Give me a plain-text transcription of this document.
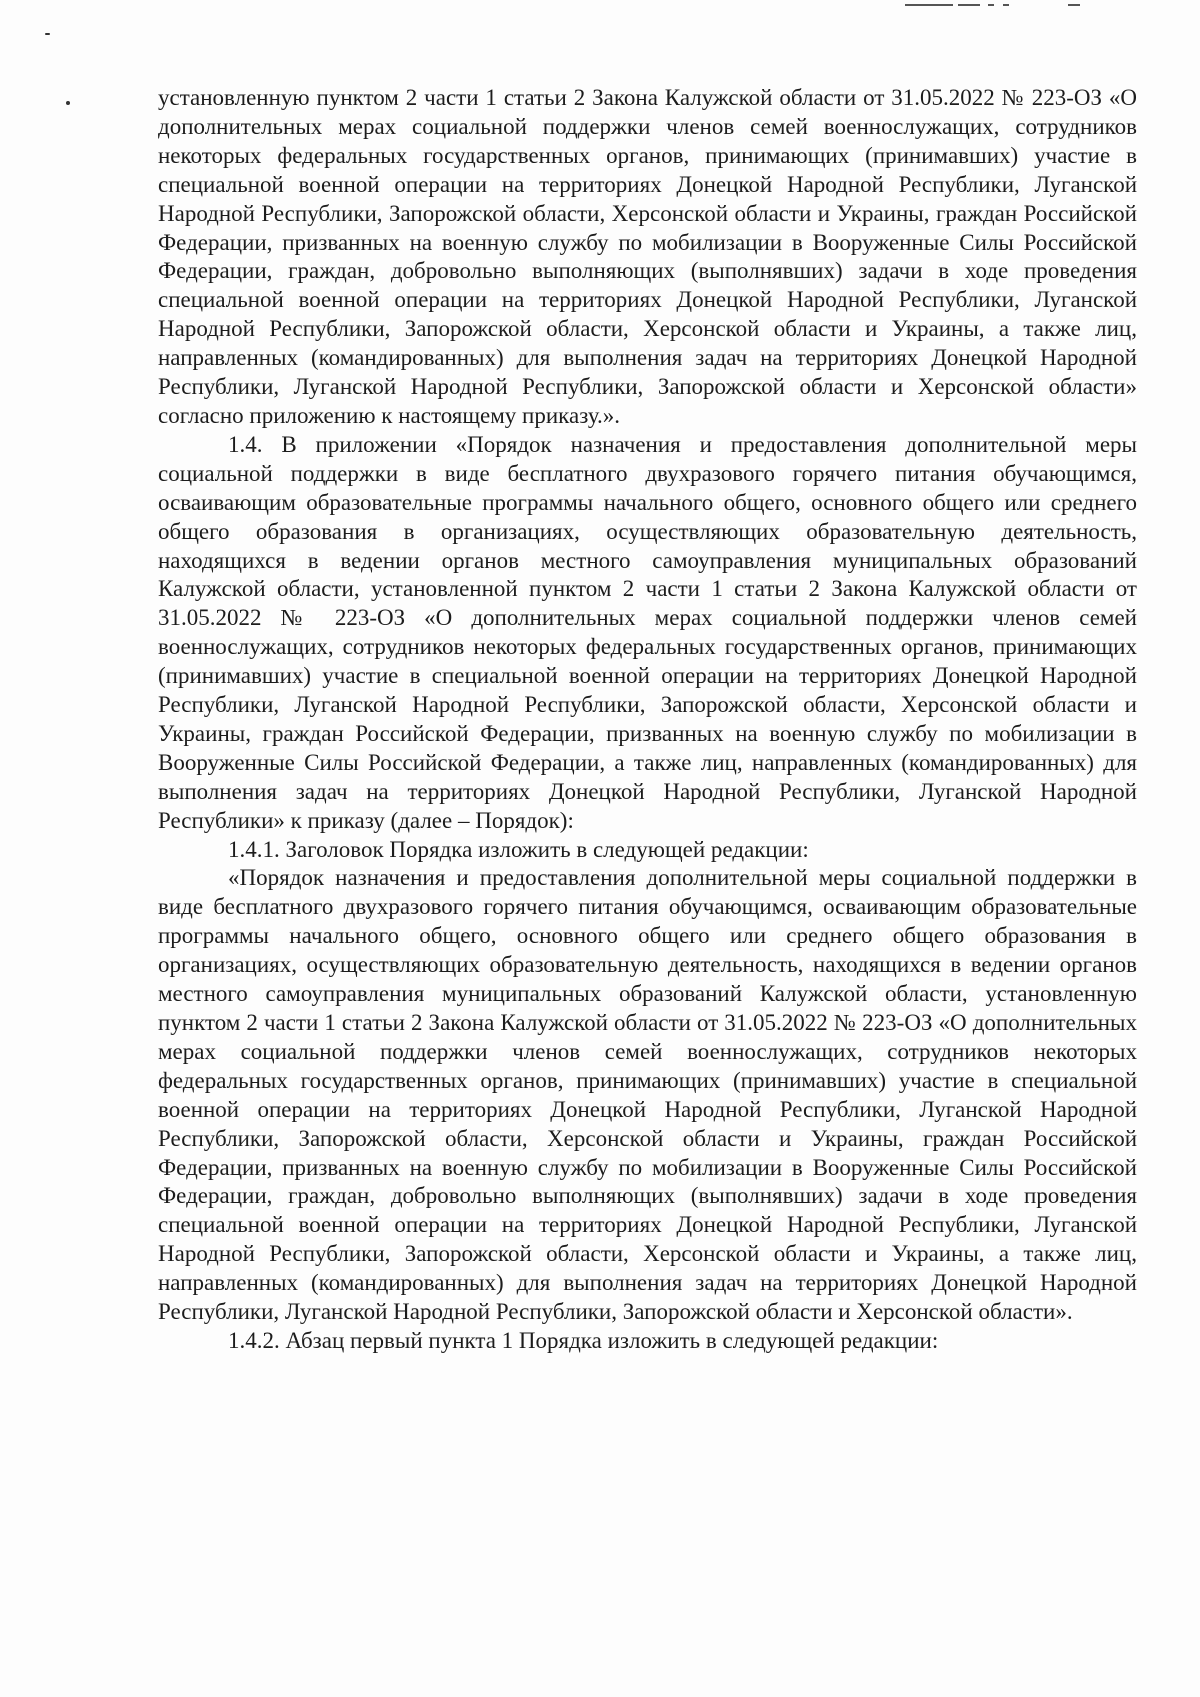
установленную пунктом 2 части 1 статьи 2 Закона Калужской области от 31.05.2022 № 223-ОЗ «О дополнительных мерах социальной поддержки членов семей военнослужащих, сотрудников некоторых федеральных государственных органов, принимающих (принимавших) участие в специальной военной операции на территориях Донецкой Народной Республики, Луганской Народной Республики, Запорожской области, Херсонской области и Украины, граждан Российской Федерации, призванных на военную службу по мобилизации в Вооруженные Силы Российской Федерации, граждан, добровольно выполняющих (выполнявших) задачи в ходе проведения специальной военной операции на территориях Донецкой Народной Республики, Луганской Народной Республики, Запорожской области, Херсонской области и Украины, а также лиц, направленных (командированных) для выполнения задач на территориях Донецкой Народной Республики, Луганской Народной Республики, Запорожской области и Херсонской области» согласно приложению к настоящему приказу.».

1.4. В приложении «Порядок назначения и предоставления дополнительной меры социальной поддержки в виде бесплатного двухразового горячего питания обучающимся, осваивающим образовательные программы начального общего, основного общего или среднего общего образования в организациях, осуществляющих образовательную деятельность, находящихся в ведении органов местного самоуправления муниципальных образований Калужской области, установленной пунктом 2 части 1 статьи 2 Закона Калужской области от 31.05.2022 № 223-ОЗ «О дополнительных мерах социальной поддержки членов семей военнослужащих, сотрудников некоторых федеральных государственных органов, принимающих (принимавших) участие в специальной военной операции на территориях Донецкой Народной Республики, Луганской Народной Республики, Запорожской области, Херсонской области и Украины, граждан Российской Федерации, призванных на военную службу по мобилизации в Вооруженные Силы Российской Федерации, а также лиц, направленных (командированных) для выполнения задач на территориях Донецкой Народной Республики, Луганской Народной Республики» к приказу (далее – Порядок):

1.4.1. Заголовок Порядка изложить в следующей редакции:

«Порядок назначения и предоставления дополнительной меры социальной поддержки в виде бесплатного двухразового горячего питания обучающимся, осваивающим образовательные программы начального общего, основного общего или среднего общего образования в организациях, осуществляющих образовательную деятельность, находящихся в ведении органов местного самоуправления муниципальных образований Калужской области, установленную пунктом 2 части 1 статьи 2 Закона Калужской области от 31.05.2022 № 223-ОЗ «О дополнительных мерах социальной поддержки членов семей военнослужащих, сотрудников некоторых федеральных государственных органов, принимающих (принимавших) участие в специальной военной операции на территориях Донецкой Народной Республики, Луганской Народной Республики, Запорожской области, Херсонской области и Украины, граждан Российской Федерации, призванных на военную службу по мобилизации в Вооруженные Силы Российской Федерации, граждан, добровольно выполняющих (выполнявших) задачи в ходе проведения специальной военной операции на территориях Донецкой Народной Республики, Луганской Народной Республики, Запорожской области, Херсонской области и Украины, а также лиц, направленных (командированных) для выполнения задач на территориях Донецкой Народной Республики, Луганской Народной Республики, Запорожской области и Херсонской области».

1.4.2. Абзац первый пункта 1 Порядка изложить в следующей редакции:
